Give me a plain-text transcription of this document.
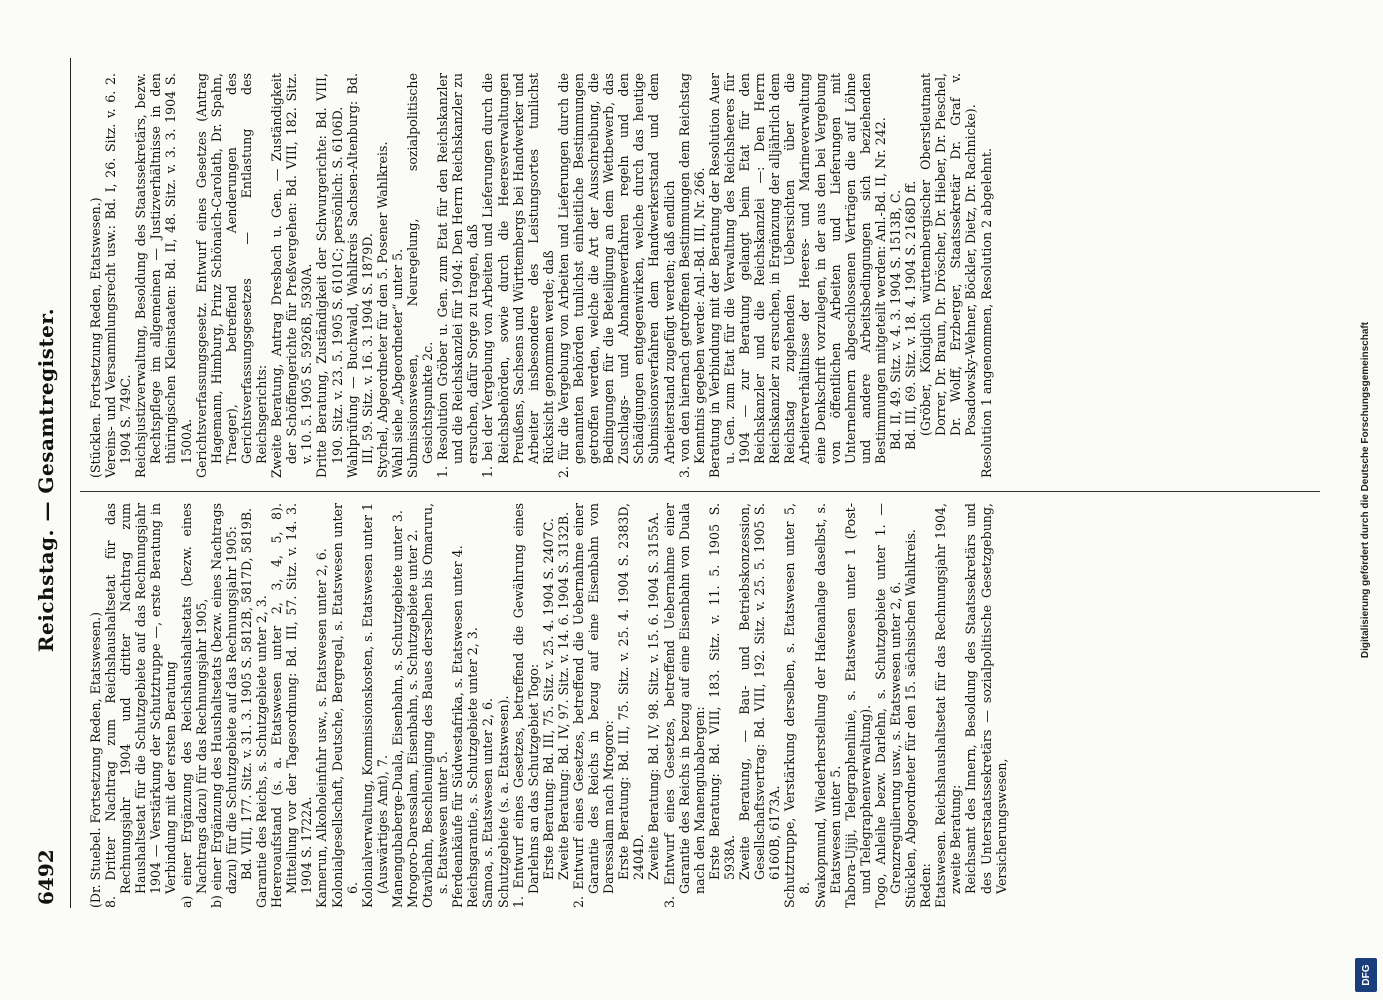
6492
Reichstag. — Gesamtregister.

(Dr. Stuebel. Fortsetzung Reden, Etatswesen.) 8. Dritter Nachtrag zum Reichshaushaltsetat für das Rechnungsjahr 1904 und dritter Nachtrag zum Haushaltsetat für die Schutzgebiete auf das Rechnungsjahr 1904 — Verstärkung der Schutztruppe —, erste Beratung in Verbindung mit der ersten Beratung a) einer Ergänzung des Reichshaushaltsetats (bezw. eines Nachtrags dazu) für das Rechnungsjahr 1905, b) einer Ergänzung des Haushaltsetats (bezw. eines Nachtrags dazu) für die Schutzgebiete auf das Rechnungsjahr 1905: Bd. VIII, 177. Sitz. v. 31. 3. 1905 S. 5812B, 5817D, 5819B. Garantie des Reichs, s. Schutzgebiete unter 2, 3. Hereroaufstand (s. a. Etatswesen unter 2, 3, 4, 5, 8). Mitteilung vor der Tagesordnung: Bd. III, 57. Sitz. v. 14. 3. 1904 S. 1722A. Kamerun, Alkoholeinfuhr usw., s. Etatswesen unter 2, 6. Kolonialgesellschaft, Deutsche, Bergregal, s. Etatswesen unter 6. Kolonialverwaltung, Kommissionskosten, s. Etatswesen unter 1 (Auswärtiges Amt), 7. Manengubaberge-Duala, Eisenbahn, s. Schutzgebiete unter 3. Mrogoro-Daressalam, Eisenbahn, s. Schutzgebiete unter 2. Otavibahn, Beschleunigung des Baues derselben bis Omaruru, s. Etatswesen unter 5. Pferdeankäufe für Südwestafrika, s. Etatswesen unter 4. Reichsgarantie, s. Schutzgebiete unter 2, 3. Samoa, s. Etatswesen unter 2, 6. Schutzgebiete (s. a. Etatswesen). 1. Entwurf eines Gesetzes, betreffend die Gewährung eines Darlehns an das Schutzgebiet Togo: Erste Beratung: Bd. III, 75. Sitz. v. 25. 4. 1904 S. 2407C. Zweite Beratung: Bd. IV, 97. Sitz. v. 14. 6. 1904 S. 3132B. 2. Entwurf eines Gesetzes, betreffend die Uebernahme einer Garantie des Reichs in bezug auf eine Eisenbahn von Daressalam nach Mrogoro: Erste Beratung: Bd. III, 75. Sitz. v. 25. 4. 1904 S. 2383D, 2404D. Zweite Beratung: Bd. IV, 98. Sitz. v. 15. 6. 1904 S. 3155A. 3. Entwurf eines Gesetzes, betreffend Uebernahme einer Garantie des Reichs in bezug auf eine Eisenbahn von Duala nach den Manengubabergen: Erste Beratung: Bd. VIII, 183. Sitz. v. 11. 5. 1905 S. 5938A. Zweite Beratung, — Bau- und Betriebskonzession, Gesellschaftsvertrag: Bd. VIII, 192. Sitz. v. 25. 5. 1905 S. 6160B, 6173A. Schutztruppe, Verstärkung derselben, s. Etatswesen unter 5, 8. Swakopmund, Wiederherstellung der Hafenanlage daselbst, s. Etatswesen unter 5. Tabora-Ujiji, Telegraphenlinie, s. Etatswesen unter 1 (Post- und Telegraphenverwaltung). Togo, Anleihe bezw. Darlehn, s. Schutzgebiete unter 1. — Grenzregulierung usw., s. Etatswesen unter 2, 6. Stücklen, Abgeordneter für den 15. sächsischen Wahlkreis. Reden: Etatswesen. Reichshaushaltsetat für das Rechnungsjahr 1904, zweite Beratung: Reichsamt des Innern, Besoldung des Staatssekretärs und des Unterstaatssekretärs — sozialpolitische Gesetzgebung, Versicherungswesen,

(Stücklen. Fortsetzung Reden, Etatswesen.) Vereins- und Versammlungsrecht usw.: Bd. I, 26. Sitz. v. 6. 2. 1904 S. 749C. Reichsjustizverwaltung, Besoldung des Staatssekretärs, bezw. Rechtspflege im allgemeinen — Justizverhältnisse in den thüringischen Kleinstaaten: Bd. II, 48. Sitz. v. 3. 3. 1904 S. 1500A. Gerichtsverfassungsgesetz. Entwurf eines Gesetzes (Antrag Hagemann, Himburg, Prinz Schönaich-Carolath, Dr. Spahn, Traeger), betreffend Aenderungen des Gerichtsverfassungsgesetzes — Entlastung des Reichsgerichts: Zweite Beratung, Antrag Dresbach u. Gen. — Zuständigkeit der Schöffengerichte für Preßvergehen: Bd. VIII, 182. Sitz. v. 10. 5. 1905 S. 5926B, 5930A. Dritte Beratung, Zuständigkeit der Schwurgerichte: Bd. VIII, 190. Sitz. v. 23. 5. 1905 S. 6101C; persönlich: S. 6106D. Wahlprüfung — Buchwald, Wahlkreis Sachsen-Altenburg: Bd. III, 59. Sitz. v. 16. 3. 1904 S. 1879D. Stychel, Abgeordneter für den 5. Posener Wahlkreis. Wahl siehe „Abgeordneter“ unter 5. Submissionswesen, Neuregelung, sozialpolitische Gesichtspunkte 2c. 1. Resolution Gröber u. Gen. zum Etat für den Reichskanzler und die Reichskanzlei für 1904: Den Herrn Reichskanzler zu ersuchen, dafür Sorge zu tragen, daß 1. bei der Vergebung von Arbeiten und Lieferungen durch die Reichsbehörden, sowie durch die Heeresverwaltungen Preußens, Sachsens und Württembergs bei Handwerker und Arbeiter insbesondere des Leistungsortes tunlichst Rücksicht genommen werde; daß 2. für die Vergebung von Arbeiten und Lieferungen durch die genannten Behörden tunlichst einheitliche Bestimmungen getroffen werden, welche die Art der Ausschreibung, die Bedingungen für die Beteiligung an dem Wettbewerb, das Zuschlags- und Abnahmeverfahren regeln und den Schädigungen entgegenwirken, welche durch das heutige Submissionsverfahren dem Handwerkerstand und dem Arbeiterstand zugefügt werden; daß endlich 3. von den hiernach getroffenen Bestimmungen dem Reichstag Kenntnis gegeben werde: Anl.-Bd. III, Nr. 266. Beratung in Verbindung mit der Beratung der Resolution Auer u. Gen. zum Etat für die Verwaltung des Reichsheeres für 1904 — zur Beratung gelangt beim Etat für den Reichskanzler und die Reichskanzlei —: Den Herrn Reichskanzler zu ersuchen, in Ergänzung der alljährlich dem Reichstag zugehenden Uebersichten über die Arbeiterverhältnisse der Heeres- und Marineverwaltung eine Denkschrift vorzulegen, in der aus den bei Vergebung von öffentlichen Arbeiten und Lieferungen mit Unternehmern abgeschlossenen Verträgen die auf Löhne und andere Arbeitsbedingungen sich beziehenden Bestimmungen mitgeteilt werden: Anl.-Bd. II, Nr. 242. Bd. II, 49. Sitz. v. 4. 3. 1904 S. 1513B, C. Bd. III, 69. Sitz. v. 18. 4. 1904 S. 2168D ff. (Gröber, Königlich württembergischer Oberstleutnant Dorrer, Dr. Braun, Dr. Dröscher, Dr. Hieber, Dr. Pieschel, Dr. Wolff, Erzberger, Staatssekretär Dr. Graf v. Posadowsky-Wehner, Böckler, Dietz, Dr. Rachnicke). Resolution 1 angenommen, Resolution 2 abgelehnt.

DFG
Digitalisierung gefördert durch die Deutsche Forschungsgemeinschaft
